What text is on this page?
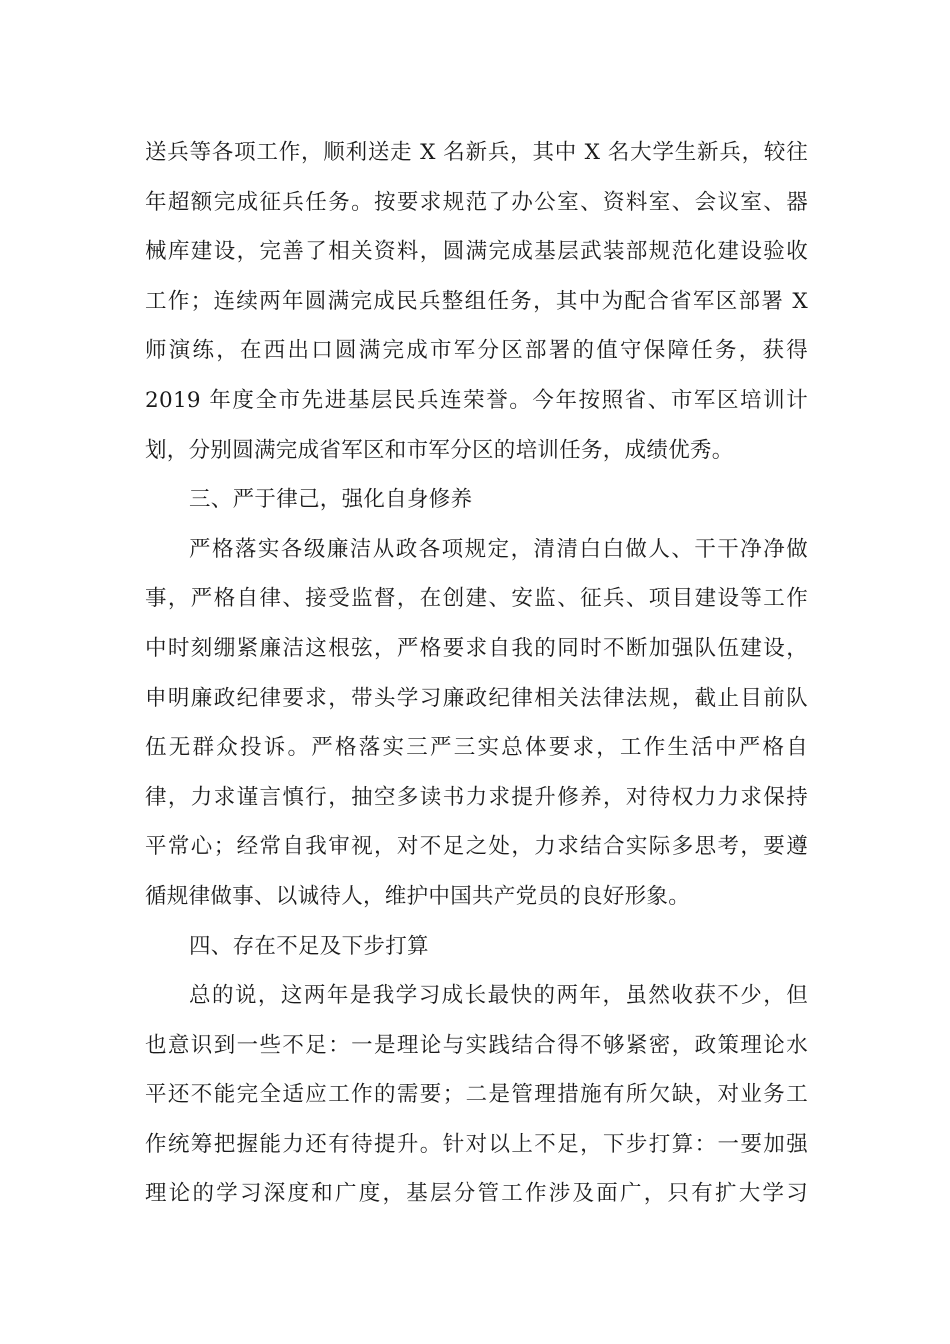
送兵等各项工作，顺利送走 X 名新兵，其中 X 名大学生新兵，较往
年超额完成征兵任务。按要求规范了办公室、资料室、会议室、器
械库建设，完善了相关资料，圆满完成基层武装部规范化建设验收
工作；连续两年圆满完成民兵整组任务，其中为配合省军区部署 X
师演练，在西出口圆满完成市军分区部署的值守保障任务，获得
2019 年度全市先进基层民兵连荣誉。今年按照省、市军区培训计
划，分别圆满完成省军区和市军分区的培训任务，成绩优秀。
三、严于律己，强化自身修养
严格落实各级廉洁从政各项规定，清清白白做人、干干净净做
事，严格自律、接受监督，在创建、安监、征兵、项目建设等工作
中时刻绷紧廉洁这根弦，严格要求自我的同时不断加强队伍建设，
申明廉政纪律要求，带头学习廉政纪律相关法律法规，截止目前队
伍无群众投诉。严格落实三严三实总体要求，工作生活中严格自
律，力求谨言慎行，抽空多读书力求提升修养，对待权力力求保持
平常心；经常自我审视，对不足之处，力求结合实际多思考，要遵
循规律做事、以诚待人，维护中国共产党员的良好形象。
四、存在不足及下步打算
总的说，这两年是我学习成长最快的两年，虽然收获不少，但
也意识到一些不足：一是理论与实践结合得不够紧密，政策理论水
平还不能完全适应工作的需要；二是管理措施有所欠缺，对业务工
作统筹把握能力还有待提升。针对以上不足，下步打算：一要加强
理论的学习深度和广度，基层分管工作涉及面广，只有扩大学习
